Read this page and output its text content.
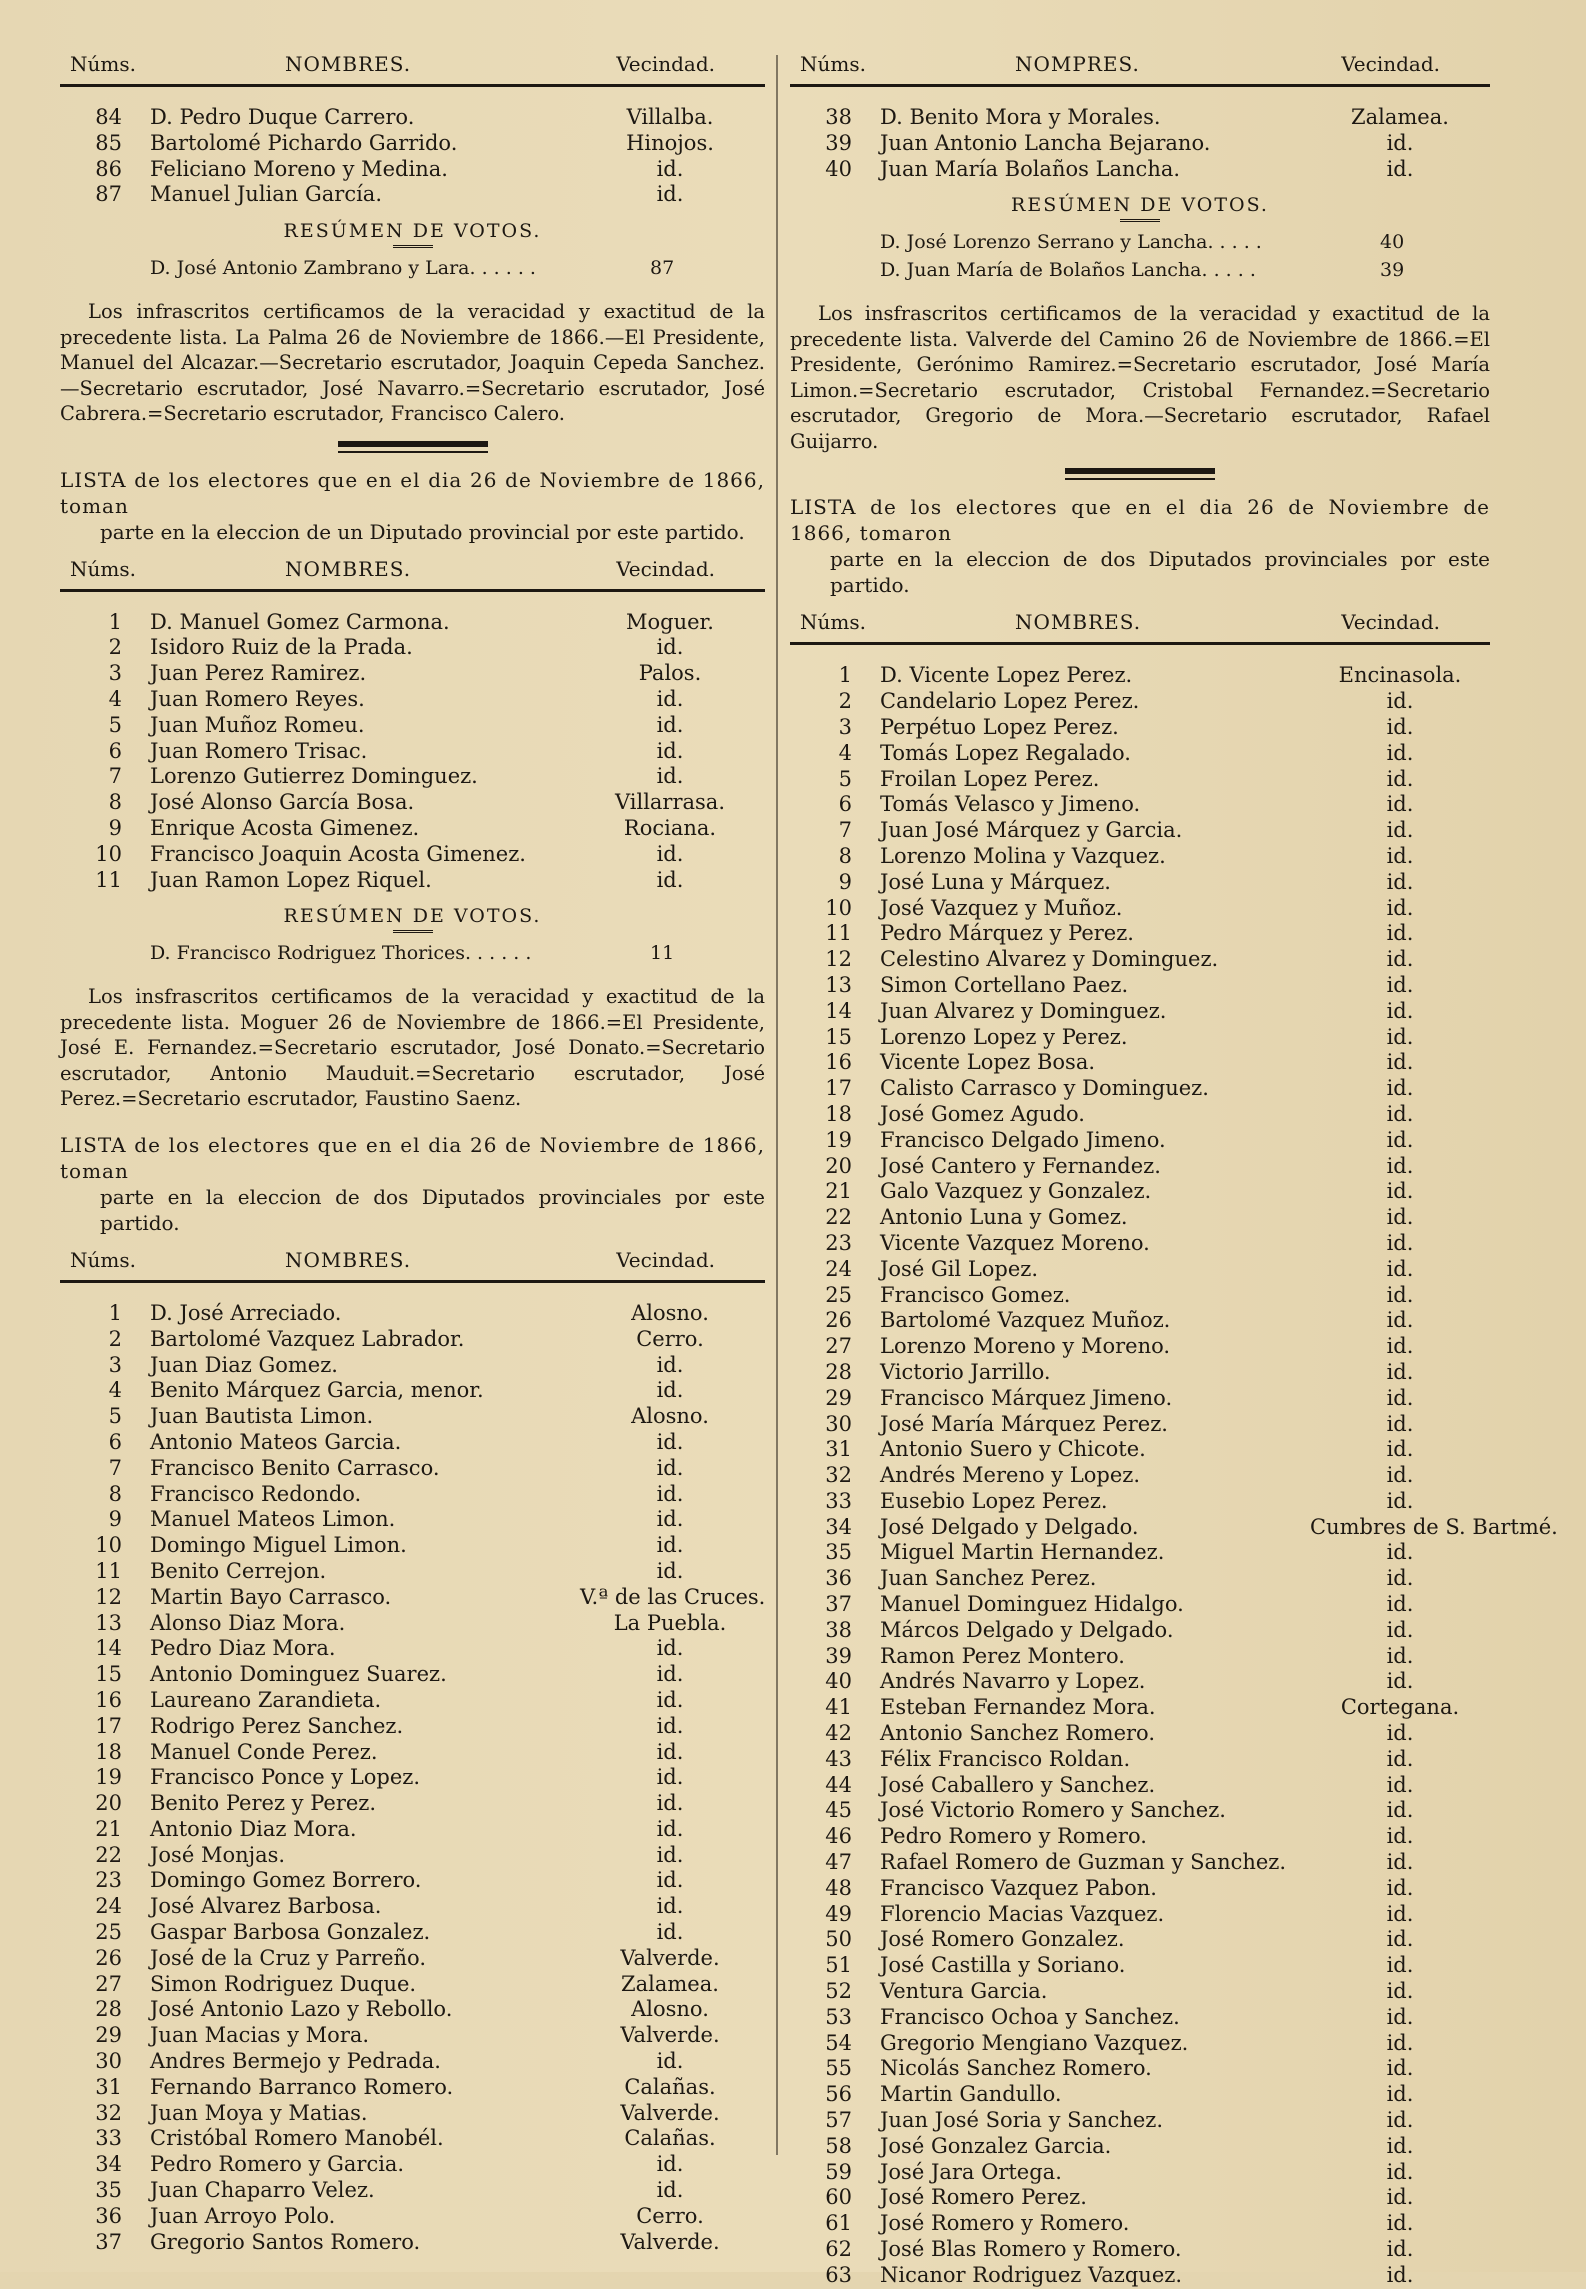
Núms.	NOMBRES.	Vecindad.
84 D. Pedro Duque Carrero.	Villalba.
85 Bartolomé Pichardo Garrido.	Hinojos.
86 Feliciano Moreno y Medina.	id.
87 Manuel Julian García.	id.
RESÚMEN DE VOTOS.
D. José Antonio Zambrano y Lara. . . . . .	87

Los infrascritos certificamos de la veracidad y exactitud de la precedente lista. La Palma 26 de Noviembre de 1866.—El Presidente, Manuel del Alcazar.—Secretario escrutador, Joaquin Cepeda Sanchez.—Secretario escrutador, José Navarro.=Secretario escrutador, José Cabrera.=Secretario escrutador, Francisco Calero.

LISTA de los electores que en el dia 26 de Noviembre de 1866, toman
parte en la eleccion de un Diputado provincial por este partido.
Núms.	NOMBRES.	Vecindad.
1 D. Manuel Gomez Carmona.	Moguer.
2 Isidoro Ruiz de la Prada.	id.
3 Juan Perez Ramirez.	Palos.
4 Juan Romero Reyes.	id.
5 Juan Muñoz Romeu.	id.
6 Juan Romero Trisac.	id.
7 Lorenzo Gutierrez Dominguez.	id.
8 José Alonso García Bosa.	Villarrasa.
9 Enrique Acosta Gimenez.	Rociana.
10 Francisco Joaquin Acosta Gimenez.	id.
11 Juan Ramon Lopez Riquel.	id.
RESÚMEN DE VOTOS.
D. Francisco Rodriguez Thorices. . . . . .	11

Los insfrascritos certificamos de la veracidad y exactitud de la precedente lista. Moguer 26 de Noviembre de 1866.=El Presidente, José E. Fernandez.=Secretario escrutador, José Donato.=Secretario escrutador, Antonio Mauduit.=Secretario escrutador, José Perez.=Secretario escrutador, Faustino Saenz.

LISTA de los electores que en el dia 26 de Noviembre de 1866, toman
parte en la eleccion de dos Diputados provinciales por este partido.
Núms.	NOMBRES.	Vecindad.
1 D. José Arreciado.	Alosno.
2 Bartolomé Vazquez Labrador.	Cerro.
3 Juan Diaz Gomez.	id.
4 Benito Márquez Garcia, menor.	id.
5 Juan Bautista Limon.	Alosno.
6 Antonio Mateos Garcia.	id.
7 Francisco Benito Carrasco.	id.
8 Francisco Redondo.	id.
9 Manuel Mateos Limon.	id.
10 Domingo Miguel Limon.	id.
11 Benito Cerrejon.	id.
12 Martin Bayo Carrasco.	V.ª de las Cruces.
13 Alonso Diaz Mora.	La Puebla.
14 Pedro Diaz Mora.	id.
15 Antonio Dominguez Suarez.	id.
16 Laureano Zarandieta.	id.
17 Rodrigo Perez Sanchez.	id.
18 Manuel Conde Perez.	id.
19 Francisco Ponce y Lopez.	id.
20 Benito Perez y Perez.	id.
21 Antonio Diaz Mora.	id.
22 José Monjas.	id.
23 Domingo Gomez Borrero.	id.
24 José Alvarez Barbosa.	id.
25 Gaspar Barbosa Gonzalez.	id.
26 José de la Cruz y Parreño.	Valverde.
27 Simon Rodriguez Duque.	Zalamea.
28 José Antonio Lazo y Rebollo.	Alosno.
29 Juan Macias y Mora.	Valverde.
30 Andres Bermejo y Pedrada.	id.
31 Fernando Barranco Romero.	Calañas.
32 Juan Moya y Matias.	Valverde.
33 Cristóbal Romero Manobél.	Calañas.
34 Pedro Romero y Garcia.	id.
35 Juan Chaparro Velez.	id.
36 Juan Arroyo Polo.	Cerro.
37 Gregorio Santos Romero.	Valverde.
Núms.	NOMPRES.	Vecindad.
38 D. Benito Mora y Morales.	Zalamea.
39 Juan Antonio Lancha Bejarano.	id.
40 Juan María Bolaños Lancha.	id.
RESÚMEN DE VOTOS.
D. José Lorenzo Serrano y Lancha. . . . .	40
D. Juan María de Bolaños Lancha. . . . .	39

Los insfrascritos certificamos de la veracidad y exactitud de la precedente lista. Valverde del Camino 26 de Noviembre de 1866.=El Presidente, Gerónimo Ramirez.=Secretario escrutador, José María Limon.=Secretario escrutador, Cristobal Fernandez.=Secretario escrutador, Gregorio de Mora.—Secretario escrutador, Rafael Guijarro.

LISTA de los electores que en el dia 26 de Noviembre de 1866, tomaron
parte en la eleccion de dos Diputados provinciales por este partido.
Núms.	NOMBRES.	Vecindad.
1 D. Vicente Lopez Perez.	Encinasola.
2 Candelario Lopez Perez.	id.
3 Perpétuo Lopez Perez.	id.
4 Tomás Lopez Regalado.	id.
5 Froilan Lopez Perez.	id.
6 Tomás Velasco y Jimeno.	id.
7 Juan José Márquez y Garcia.	id.
8 Lorenzo Molina y Vazquez.	id.
9 José Luna y Márquez.	id.
10 José Vazquez y Muñoz.	id.
11 Pedro Márquez y Perez.	id.
12 Celestino Alvarez y Dominguez.	id.
13 Simon Cortellano Paez.	id.
14 Juan Alvarez y Dominguez.	id.
15 Lorenzo Lopez y Perez.	id.
16 Vicente Lopez Bosa.	id.
17 Calisto Carrasco y Dominguez.	id.
18 José Gomez Agudo.	id.
19 Francisco Delgado Jimeno.	id.
20 José Cantero y Fernandez.	id.
21 Galo Vazquez y Gonzalez.	id.
22 Antonio Luna y Gomez.	id.
23 Vicente Vazquez Moreno.	id.
24 José Gil Lopez.	id.
25 Francisco Gomez.	id.
26 Bartolomé Vazquez Muñoz.	id.
27 Lorenzo Moreno y Moreno.	id.
28 Victorio Jarrillo.	id.
29 Francisco Márquez Jimeno.	id.
30 José María Márquez Perez.	id.
31 Antonio Suero y Chicote.	id.
32 Andrés Mereno y Lopez.	id.
33 Eusebio Lopez Perez.	id.
34 José Delgado y Delgado.	Cumbres de S. Bartmé.
35 Miguel Martin Hernandez.	id.
36 Juan Sanchez Perez.	id.
37 Manuel Dominguez Hidalgo.	id.
38 Márcos Delgado y Delgado.	id.
39 Ramon Perez Montero.	id.
40 Andrés Navarro y Lopez.	id.
41 Esteban Fernandez Mora.	Cortegana.
42 Antonio Sanchez Romero.	id.
43 Félix Francisco Roldan.	id.
44 José Caballero y Sanchez.	id.
45 José Victorio Romero y Sanchez.	id.
46 Pedro Romero y Romero.	id.
47 Rafael Romero de Guzman y Sanchez.	id.
48 Francisco Vazquez Pabon.	id.
49 Florencio Macias Vazquez.	id.
50 José Romero Gonzalez.	id.
51 José Castilla y Soriano.	id.
52 Ventura Garcia.	id.
53 Francisco Ochoa y Sanchez.	id.
54 Gregorio Mengiano Vazquez.	id.
55 Nicolás Sanchez Romero.	id.
56 Martin Gandullo.	id.
57 Juan José Soria y Sanchez.	id.
58 José Gonzalez Garcia.	id.
59 José Jara Ortega.	id.
60 José Romero Perez.	id.
61 José Romero y Romero.	id.
62 José Blas Romero y Romero.	id.
63 Nicanor Rodriguez Vazquez.	id.
